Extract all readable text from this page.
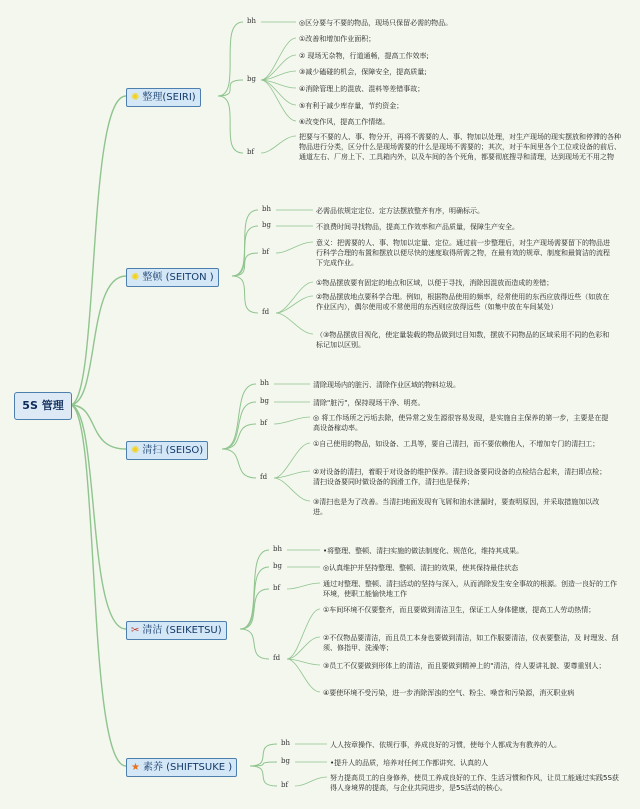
5S 管理
✺ 整理(SEIRI)
bh	◎区分要与不要的物品，现场只保留必需的物品。
bg
①改善和增加作业面积；
② 现场无杂物，行道通畅，提高工作效率;
③减少磕碰的机会，保障安全，提高质量;
④消除管理上的混放、混料等差错事故；
⑤有利于减少库存量，节约资金；
⑥改变作风，提高工作情绪。
bf
把要与不要的人、事、物分开，再将不需要的人、事、物加以处理，对生产现场的现实摆放和停滞的各种物品进行分类，区分什么是现场需要的什么是现场不需要的；其次，对于车间里各个工位或设备的前后、通道左右、厂房上下、工具箱内外，以及车间的各个死角，都要彻底搜寻和清理，达到现场无不用之物
✺ 整顿 (SEITON )
bh	必需品依规定定位、定方法摆放整齐有序，明确标示。
bg	不浪费时间寻找物品，提高工作效率和产品质量，保障生产安全。
bf
意义：把需要的人、事、物加以定量、定位。通过前一步整理后，对生产现场需要留下的物品进行科学合理的布置和摆放以便尽快的速度取得所需之物，在最有效的规章、制度和最简洁的流程下完成作业。
fd
①物品摆放要有固定的地点和区域，以便于寻找，消除因混放而造成的差错；
②物品摆放地点要科学合理。例如，根据物品使用的频率，经常使用的东西应放得近些（如放在作业区内），偶尔使用或不常使用的东西则应放得远些（如集中放在车间某处）
（③物品摆放目视化，使定量装载的物品做到过目知数，摆放不同物品的区域采用不同的色彩和标记加以区别。
✺ 清扫 (SEISO)
bh	清除现场内的脏污、清除作业区域的物料垃圾。
bg	清除"脏污"，保持现场干净、明亮。
bf
◎ 将工作场所之污垢去除，使异常之发生源很容易发现，是实施自主保养的第一步，主要是在提高设备稼动率。
fd
①自己使用的物品，如设备、工具等，要自己清扫，而不要依赖他人，不增加专门的清扫工；
②对设备的清扫，着眼于对设备的维护保养。清扫设备要同设备的点检结合起来，清扫即点检；清扫设备要同时做设备的润滑工作，清扫也是保养；
③清扫也是为了改善。当清扫地面发现有飞屑和油水泄漏时，要查明原因，并采取措施加以改进。
✂ 清洁 (SEIKETSU)
bh	•将整理、整顿、清扫实施的做法制度化、规范化，维持其成果。
bg	◎认真维护并坚持整理、整顿、清扫的效果，使其保持最佳状态
bf	通过对整理、整顿、清扫活动的坚持与深入，从而消除发生安全事故的根源。创造一良好的工作环境，使职工能愉快地工作
fd
①车间环境不仅要整齐，而且要做到清洁卫生，保证工人身体健康，提高工人劳动热情；
②不仅物品要清洁，而且员工本身也要做到清洁，如工作服要清洁，仪表要整洁，及 时理发、刮须、修指甲、洗澡等；
③员工不仅要做到形体上的清洁，而且要做到精神上的"清洁，待人要讲礼貌、要尊重别人；
④要使环境不受污染，进一步消除浑浊的空气、粉尘、噪音和污染源，消灭职业病
★ 素养 (SHIFTSUKE )
bh	人人按章操作、依规行事，养成良好的习惯，使每个人都成为有教养的人。
bg	•提升人的品质，培养对任何工作都讲究、认真的人
bf
努力提高员工的自身修养，使员工养成良好的工作、生活习惯和作风，让员工能通过实践5S获得人身境界的提高，与企业共同进步，是5S活动的核心。
